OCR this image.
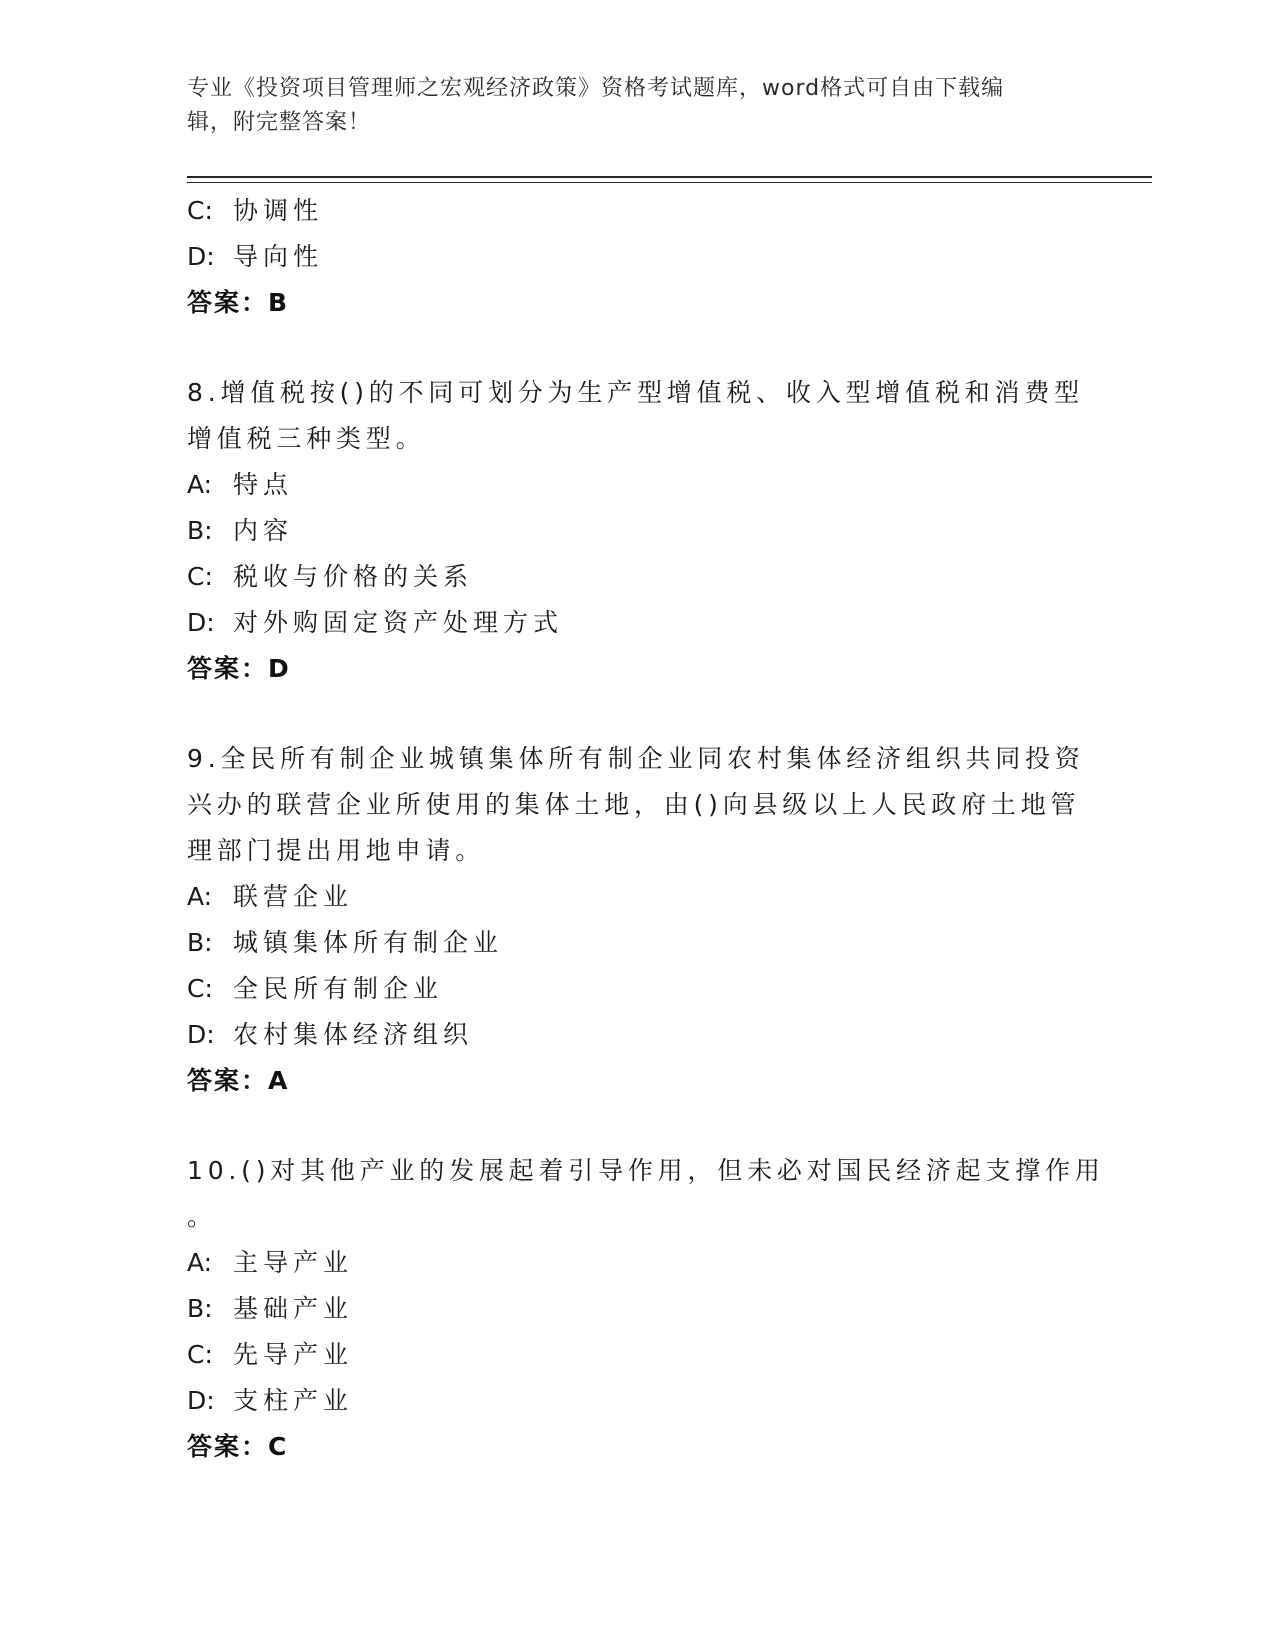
专业《投资项目管理师之宏观经济政策》资格考试题库，word格式可自由下载编
辑，附完整答案！
C: 协调性
D: 导向性
答案：B
8.增值税按()的不同可划分为生产型增值税、收入型增值税和消费型
增值税三种类型。
A: 特点
B: 内容
C: 税收与价格的关系
D: 对外购固定资产处理方式
答案：D
9.全民所有制企业城镇集体所有制企业同农村集体经济组织共同投资
兴办的联营企业所使用的集体土地，由()向县级以上人民政府土地管
理部门提出用地申请。
A: 联营企业
B: 城镇集体所有制企业
C: 全民所有制企业
D: 农村集体经济组织
答案：A
10.()对其他产业的发展起着引导作用，但未必对国民经济起支撑作用
。
A: 主导产业
B: 基础产业
C: 先导产业
D: 支柱产业
答案：C
